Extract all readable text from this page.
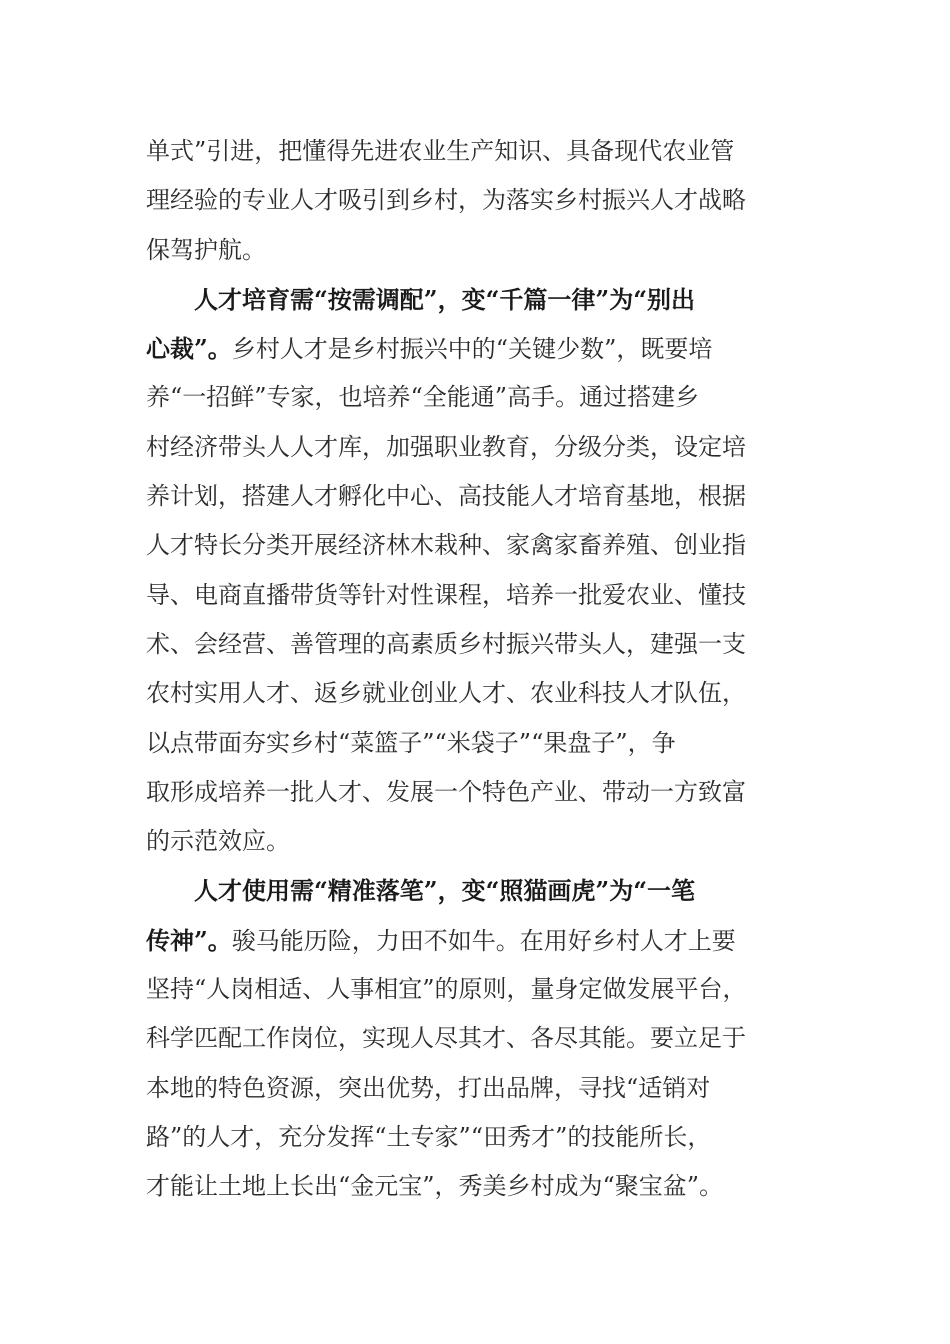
单式”引进，把懂得先进农业生产知识、具备现代农业管
理经验的专业人才吸引到乡村，为落实乡村振兴人才战略
保驾护航。
人才培育需“按需调配”，变“千篇一律”为“别出
心裁”。乡村人才是乡村振兴中的“关键少数”，既要培
养“一招鲜”专家，也培养“全能通”高手。通过搭建乡
村经济带头人人才库，加强职业教育，分级分类，设定培
养计划，搭建人才孵化中心、高技能人才培育基地，根据
人才特长分类开展经济林木栽种、家禽家畜养殖、创业指
导、电商直播带货等针对性课程，培养一批爱农业、懂技
术、会经营、善管理的高素质乡村振兴带头人，建强一支
农村实用人才、返乡就业创业人才、农业科技人才队伍，
以点带面夯实乡村“菜篮子”“米袋子”“果盘子”，争
取形成培养一批人才、发展一个特色产业、带动一方致富
的示范效应。
人才使用需“精准落笔”，变“照猫画虎”为“一笔
传神”。骏马能历险，力田不如牛。在用好乡村人才上要
坚持“人岗相适、人事相宜”的原则，量身定做发展平台，
科学匹配工作岗位，实现人尽其才、各尽其能。要立足于
本地的特色资源，突出优势，打出品牌，寻找“适销对
路”的人才，充分发挥“土专家”“田秀才”的技能所长，
才能让土地上长出“金元宝”，秀美乡村成为“聚宝盆”。
